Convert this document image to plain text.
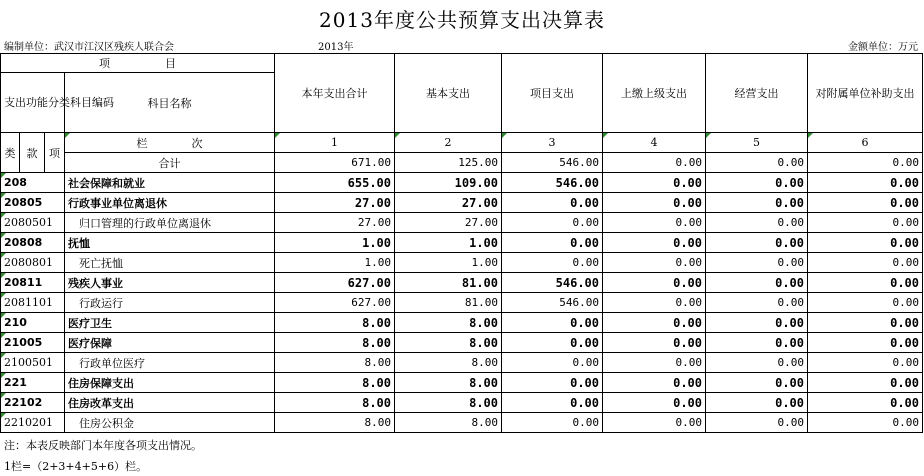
2013年度公共预算支出决算表
编制单位：武汉市江汉区残疾人联合会	2013年	金额单位：万元
项　　　　　目				本年支出合计	基本支出	项目支出	上缴上级支出	经营支出	对附属单位补助支出
支出功能分类科目编码			科目名称						
类	款	项	栏　　　　次	1	2	3	4	5	6
			合计	671.00	125.00	546.00	0.00	0.00	0.00

208			社会保障和就业	655.00	109.00	546.00	0.00	0.00	0.00

20805			行政事业单位离退休	27.00	27.00	0.00	0.00	0.00	0.00

2080501			归口管理的行政单位离退休	27.00	27.00	0.00	0.00	0.00	0.00

20808			抚恤	1.00	1.00	0.00	0.00	0.00	0.00

2080801			死亡抚恤	1.00	1.00	0.00	0.00	0.00	0.00

20811			残疾人事业	627.00	81.00	546.00	0.00	0.00	0.00

2081101			行政运行	627.00	81.00	546.00	0.00	0.00	0.00

210			医疗卫生	8.00	8.00	0.00	0.00	0.00	0.00

21005			医疗保障	8.00	8.00	0.00	0.00	0.00	0.00

2100501			行政单位医疗	8.00	8.00	0.00	0.00	0.00	0.00

221			住房保障支出	8.00	8.00	0.00	0.00	0.00	0.00

22102			住房改革支出	8.00	8.00	0.00	0.00	0.00	0.00

2210201			住房公积金	8.00	8.00	0.00	0.00	0.00	0.00
注：本表反映部门本年度各项支出情况。
1栏=（2+3+4+5+6）栏。
